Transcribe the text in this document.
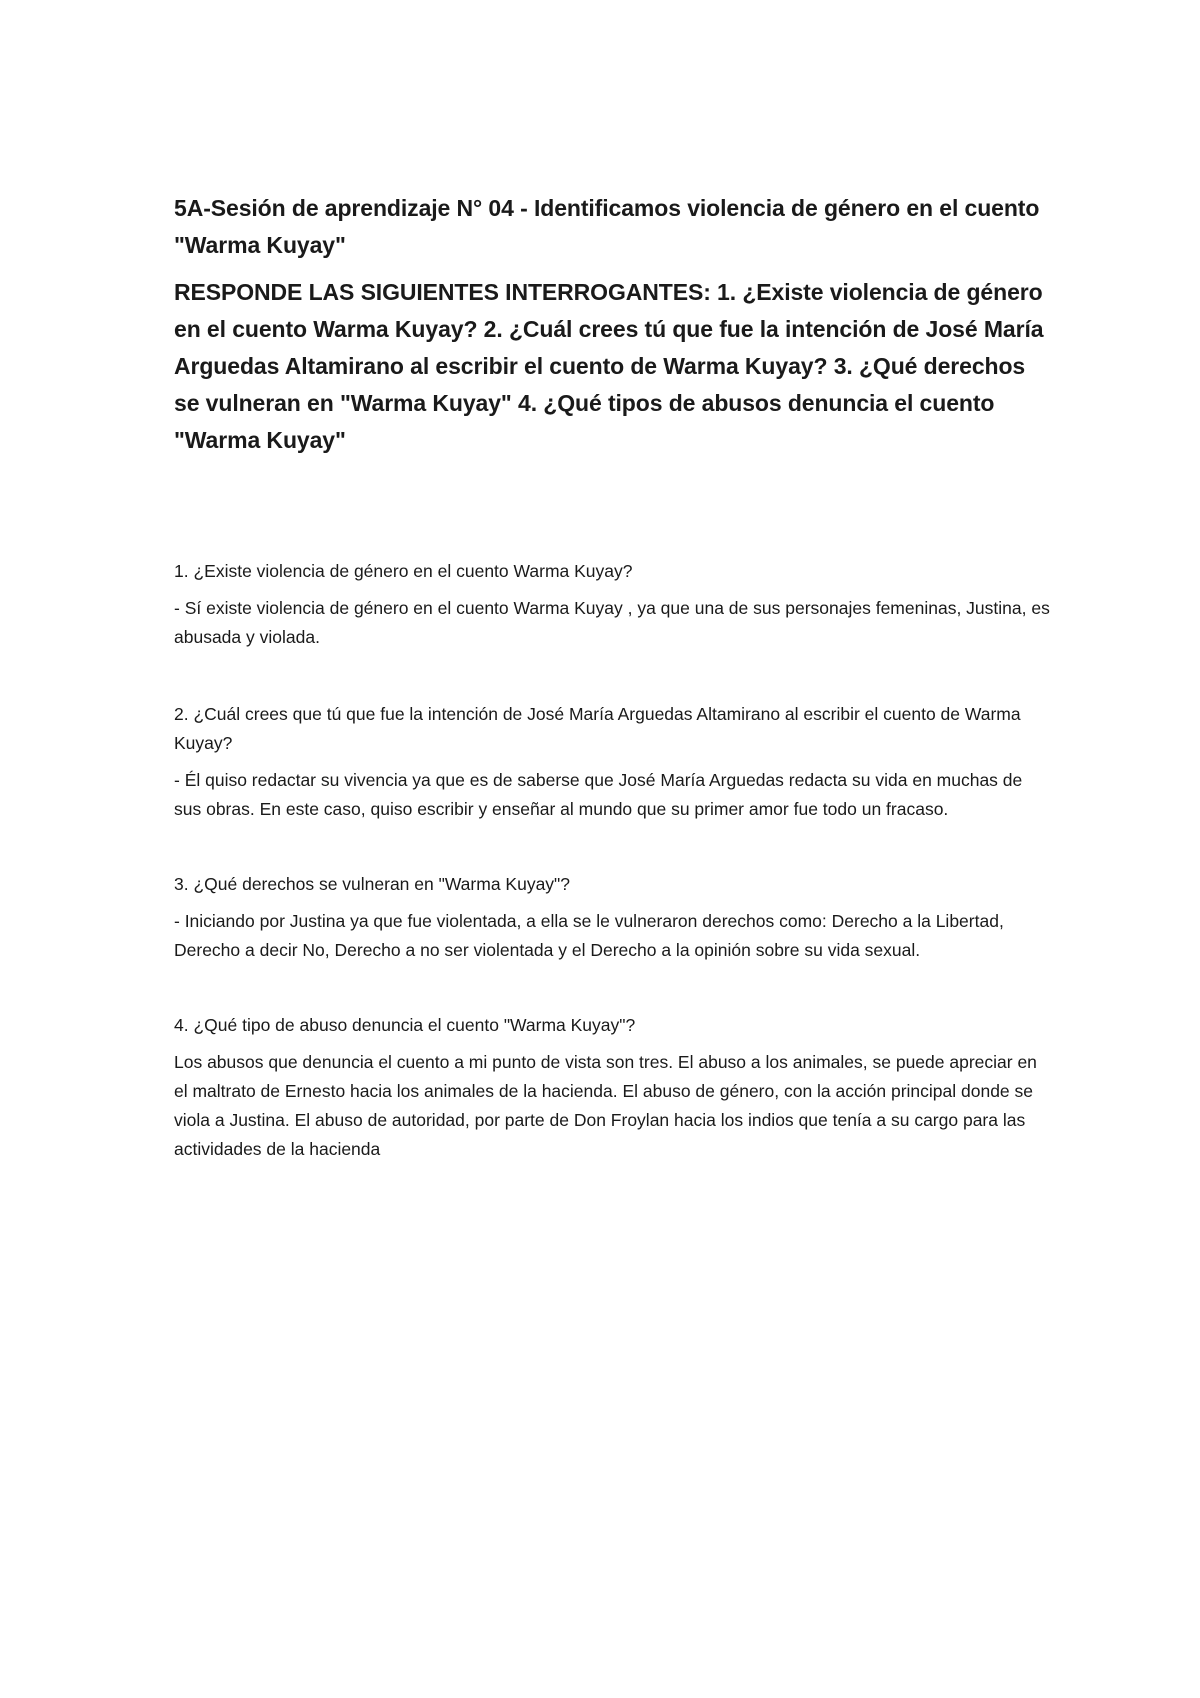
5A-Sesión de aprendizaje N° 04 - Identificamos violencia de género en el cuento "Warma Kuyay"
RESPONDE LAS SIGUIENTES INTERROGANTES: 1. ¿Existe violencia de género en el cuento Warma Kuyay? 2. ¿Cuál crees tú que fue la intención de José María Arguedas Altamirano al escribir el cuento de Warma Kuyay? 3. ¿Qué derechos se vulneran en "Warma Kuyay" 4. ¿Qué tipos de abusos denuncia el cuento "Warma Kuyay"

1. ¿Existe violencia de género en el cuento Warma Kuyay?

- Sí existe violencia de género en el cuento Warma Kuyay , ya que una de sus personajes femeninas, Justina, es abusada y violada.

2. ¿Cuál crees que tú que fue la intención de José María Arguedas Altamirano al escribir el cuento de Warma Kuyay?

- Él quiso redactar su vivencia ya que es de saberse que José María Arguedas redacta su vida en muchas de sus obras. En este caso, quiso escribir y enseñar al mundo que su primer amor fue todo un fracaso.

3. ¿Qué derechos se vulneran en "Warma Kuyay"?

- Iniciando por Justina ya que fue violentada, a ella se le vulneraron derechos como: Derecho a la Libertad, Derecho a decir No, Derecho a no ser violentada y el Derecho a la opinión sobre su vida sexual.

4. ¿Qué tipo de abuso denuncia el cuento "Warma Kuyay"?

Los abusos que denuncia el cuento a mi punto de vista son tres. El abuso a los animales, se puede apreciar en el maltrato de Ernesto hacia los animales de la hacienda. El abuso de género, con la acción principal donde se viola a Justina. El abuso de autoridad, por parte de Don Froylan hacia los indios que tenía a su cargo para las actividades de la hacienda
